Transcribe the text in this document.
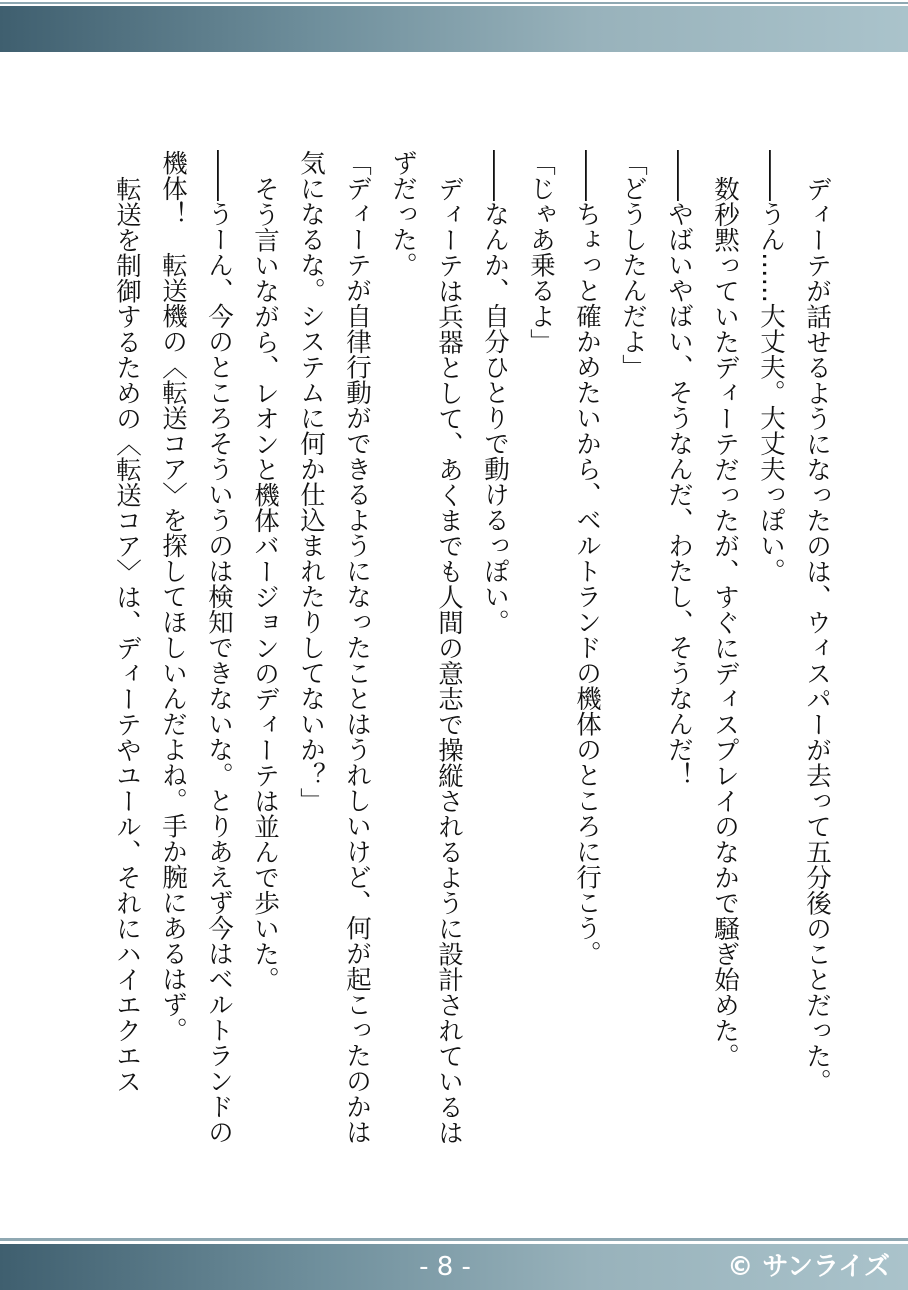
ディーテが話せるようになったのは、ウィスパーが去って五分後のことだった。

――うん……大丈夫。大丈夫っぽい。

数秒黙っていたディーテだったが、すぐにディスプレイのなかで騒ぎ始めた。

――やばいやばい、そうなんだ、わたし、そうなんだ！

「どうしたんだよ」

――ちょっと確かめたいから、ベルトランドの機体のところに行こう。

「じゃあ乗るよ」

――なんか、自分ひとりで動けるっぽい。

ディーテは兵器として、あくまでも人間の意志で操縦されるように設計されているはずだった。

「ディーテが自律行動ができるようになったことはうれしいけど、何が起こったのかは気になるな。システムに何か仕込まれたりしてないか？」

そう言いながら、レオンと機体バージョンのディーテは並んで歩いた。

――うーん、今のところそういうのは検知できないな。とりあえず今はベルトランドの機体！　転送機の〈転送コア〉を探してほしいんだよね。手か腕にあるはず。

転送を制御するための〈転送コア〉は、ディーテやユール、それにハイエクエス

- 8 -	© サンライズ
